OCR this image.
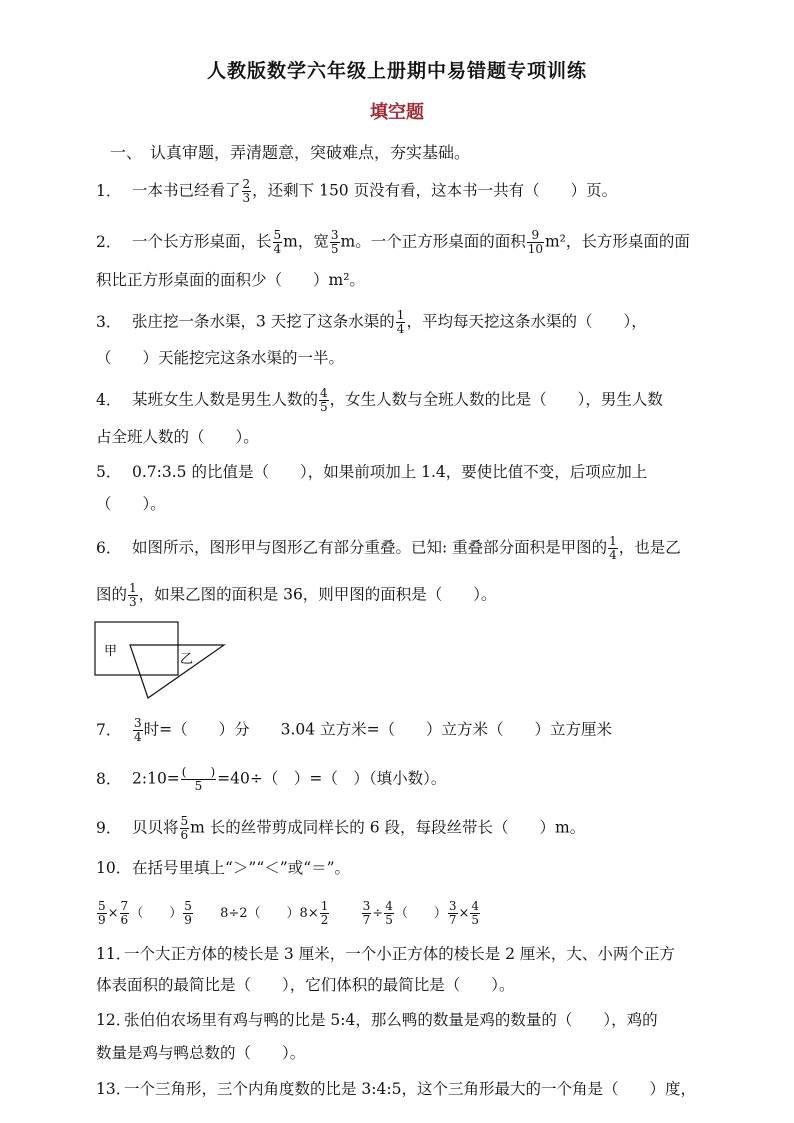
人教版数学六年级上册期中易错题专项训练
填空题
一、　认真审题，弄清题意，突破难点，夯实基础。
1． 一本书已经看了 $\frac{2}{3}$ ，还剩下 150 页没有看，这本书一共有（　　）页。
2． 一个长方形桌面，长 $\frac{5}{4}$ m，宽 $\frac{3}{5}$ m。一个正方形桌面的面积 $\frac{9}{10} m^2$，长方形桌面的面
积比正方形桌面的面积少（　　）m²。
3． 张庄挖一条水渠，3 天挖了这条水渠的 $\frac{1}{4}$ ，平均每天挖这条水渠的（　　），
（　　）天能挖完这条水渠的一半。
4． 某班女生人数是男生人数的 $\frac{4}{5}$ ，女生人数与全班人数的比是（　　），男生人数
占全班人数的（　　）。
5． 0.7:3.5 的比值是（　　），如果前项加上 1.4，要使比值不变，后项应加上
（　　）。
6． 如图所示，图形甲与图形乙有部分重叠。已知: 重叠部分面积是甲图的 $\frac{1}{4}$ ，也是乙
图的 $\frac{1}{3}$ ，如果乙图的面积是 36，则甲图的面积是（　　）。
甲
乙
7． $\frac{3}{4}$ 时=（　　）分　　3.04 立方米=（　　）立方米（　　）立方厘米
8． 2:10= $\frac{( )}{5} =40\div$（　）=（　）（填小数）。
9． 贝贝将 $\frac{5}{6}$ m 长的丝带剪成同样长的 6 段，每段丝带长（　　）m。
10．在括号里填上“＞”“＜”或“＝”。
$\frac{5}{9} \times \frac{7}{6}$ （　　） $\frac{5}{9} 8\div 2$（　　）$8\times \frac{1}{2}$
	$\frac{3}{7} \div \frac{4}{5}$ （　　） $\frac{3}{7} \times \frac{4}{5}$
11．一个大正方体的棱长是 3 厘米，一个小正方体的棱长是 2 厘米，大、小两个正方
体表面积的最简比是（　　），它们体积的最简比是（　　）。
12．张伯伯农场里有鸡与鸭的比是 5:4，那么鸭的数量是鸡的数量的（　　），鸡的
数量是鸡与鸭总数的（　　）。
13．一个三角形，三个内角度数的比是 3:4:5，这个三角形最大的一个角是（　　）度，
